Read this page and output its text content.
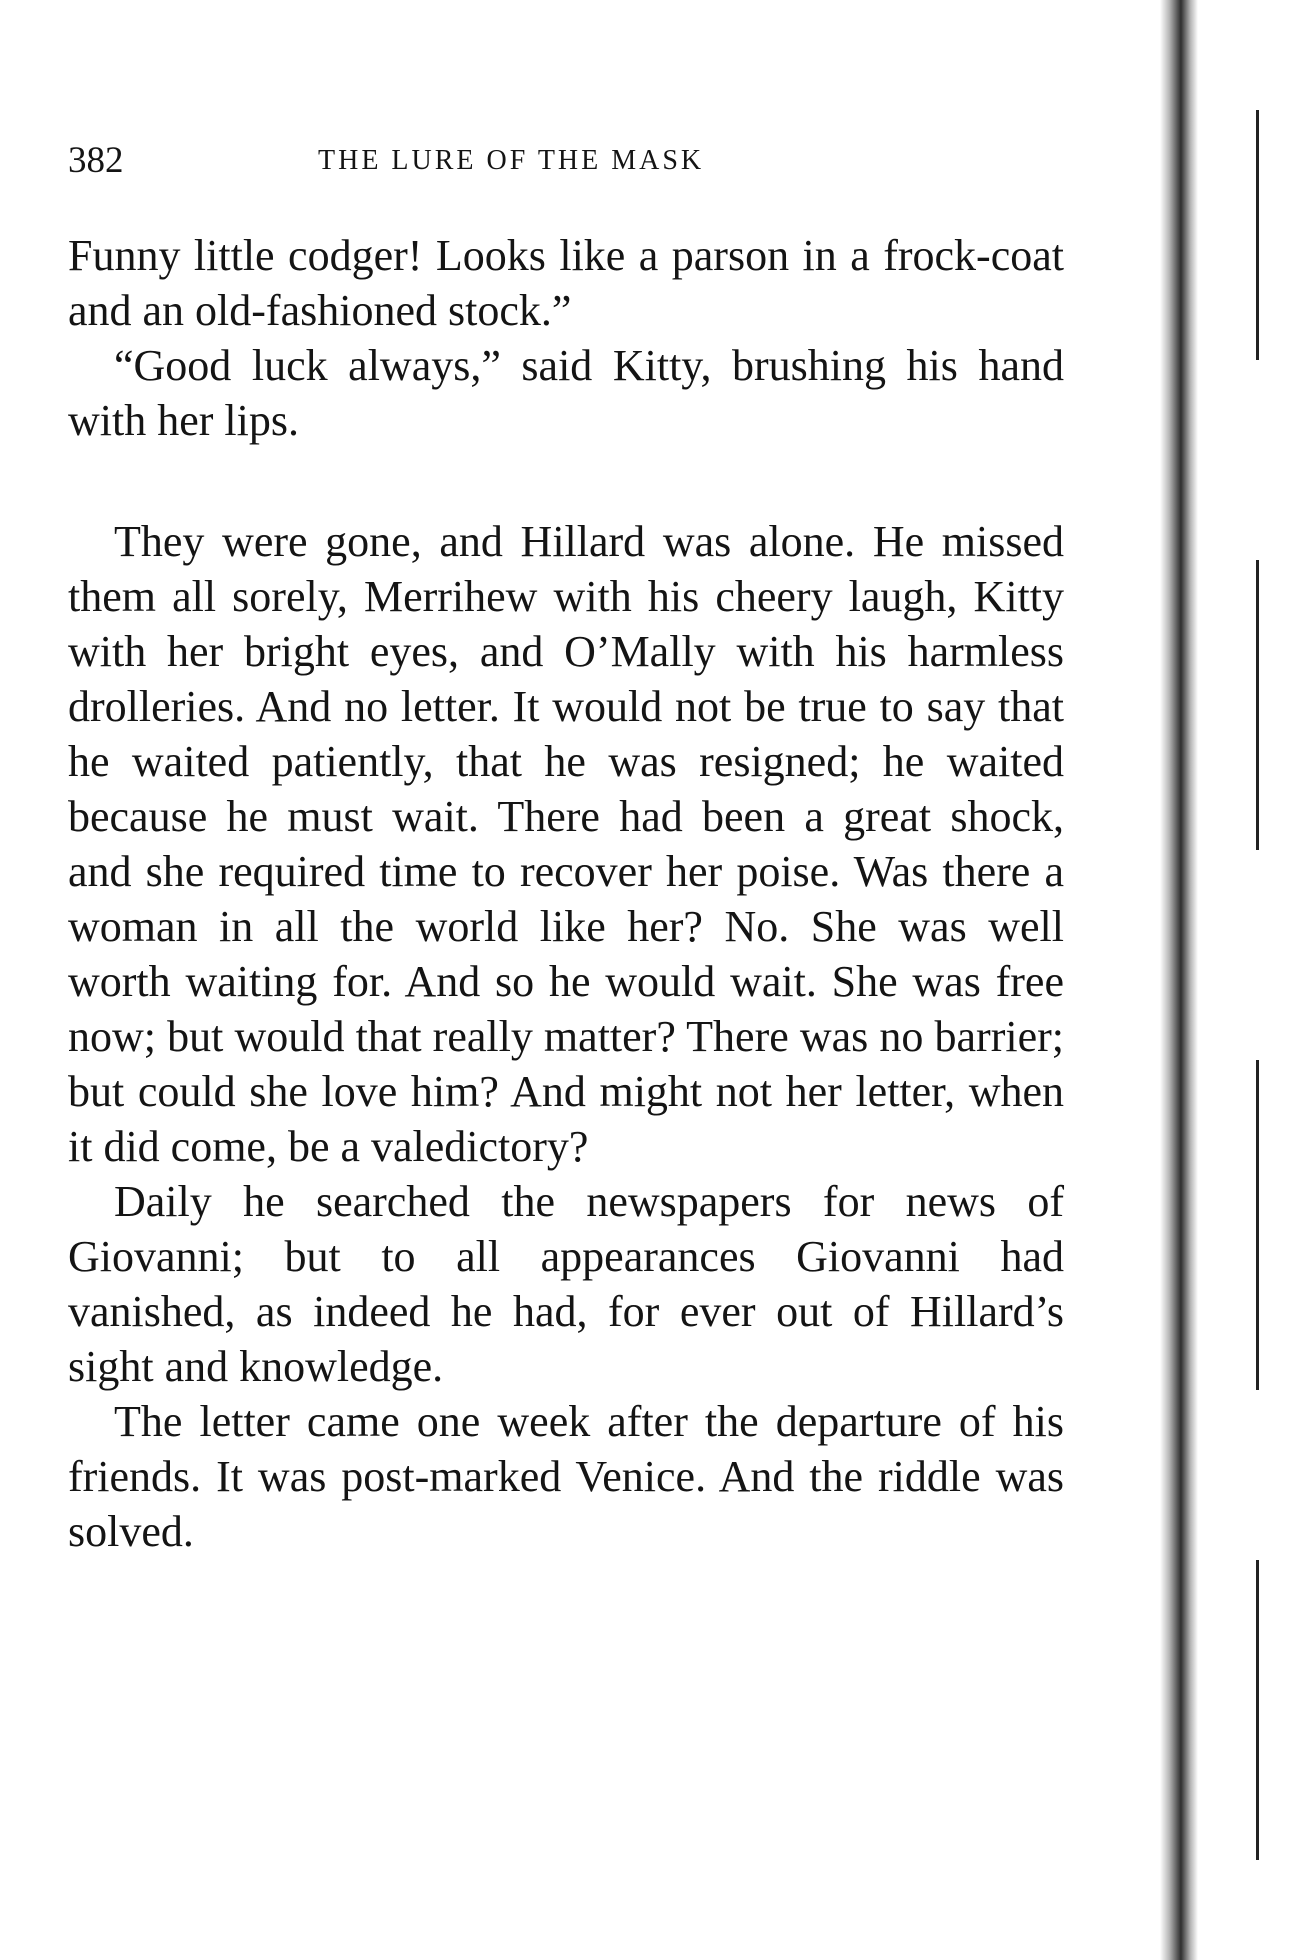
382	THE LURE OF THE MASK

Funny little codger! Looks like a parson in a frock-coat and an old-fashioned stock.”

“Good luck always,” said Kitty, brushing his hand with her lips.

They were gone, and Hillard was alone. He missed them all sorely, Merrihew with his cheery laugh, Kitty with her bright eyes, and O’Mally with his harmless drolleries. And no letter. It would not be true to say that he waited patiently, that he was resigned; he waited because he must wait. There had been a great shock, and she required time to recover her poise. Was there a woman in all the world like her? No. She was well worth waiting for. And so he would wait. She was free now; but would that really matter? There was no barrier; but could she love him? And might not her letter, when it did come, be a valedictory?

Daily he searched the newspapers for news of Giovanni; but to all appearances Giovanni had vanished, as indeed he had, for ever out of Hillard’s sight and knowledge.

The letter came one week after the departure of his friends. It was post-marked Venice. And the riddle was solved.
